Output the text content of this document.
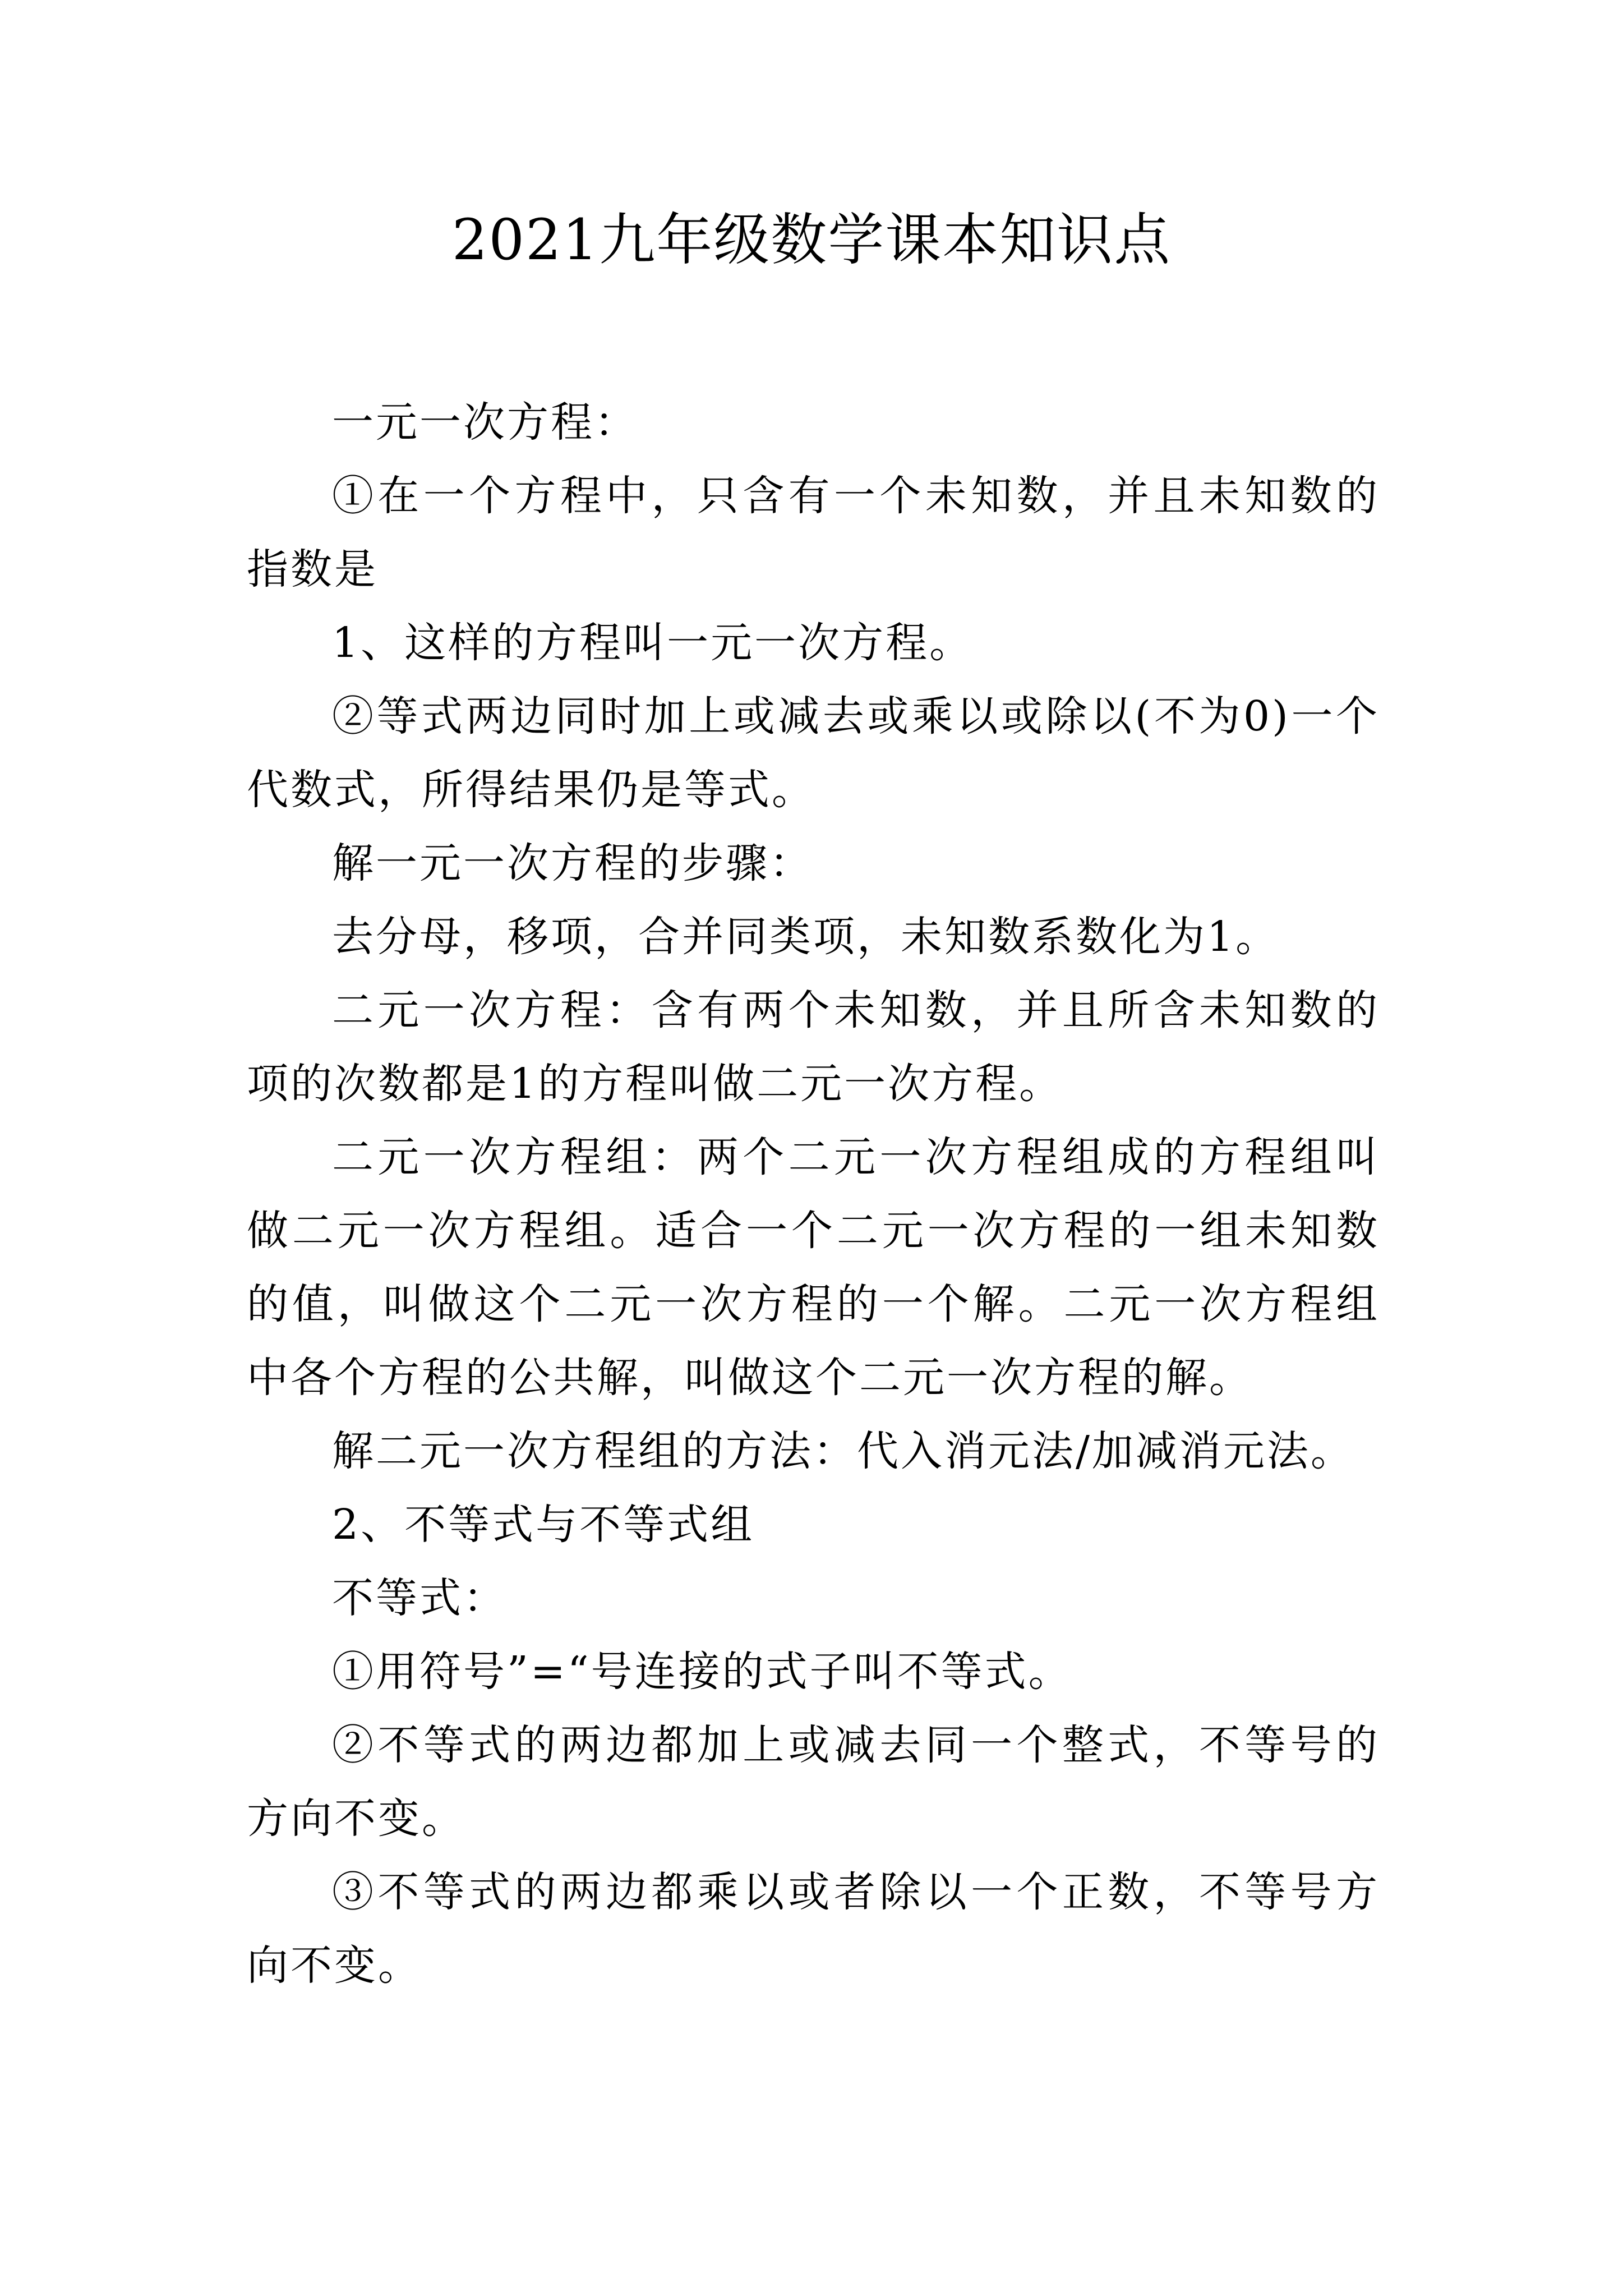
2021九年级数学课本知识点

一元一次方程：

①在一个方程中，只含有一个未知数，并且未知数的指数是

1、这样的方程叫一元一次方程。

②等式两边同时加上或减去或乘以或除以(不为0)一个代数式，所得结果仍是等式。

解一元一次方程的步骤：

去分母，移项，合并同类项，未知数系数化为1。

二元一次方程：含有两个未知数，并且所含未知数的项的次数都是1的方程叫做二元一次方程。

二元一次方程组：两个二元一次方程组成的方程组叫做二元一次方程组。适合一个二元一次方程的一组未知数的值，叫做这个二元一次方程的一个解。二元一次方程组中各个方程的公共解，叫做这个二元一次方程的解。

解二元一次方程组的方法：代入消元法/加减消元法。

2、不等式与不等式组

不等式：

①用符号”=“号连接的式子叫不等式。

②不等式的两边都加上或减去同一个整式，不等号的方向不变。

③不等式的两边都乘以或者除以一个正数，不等号方向不变。
